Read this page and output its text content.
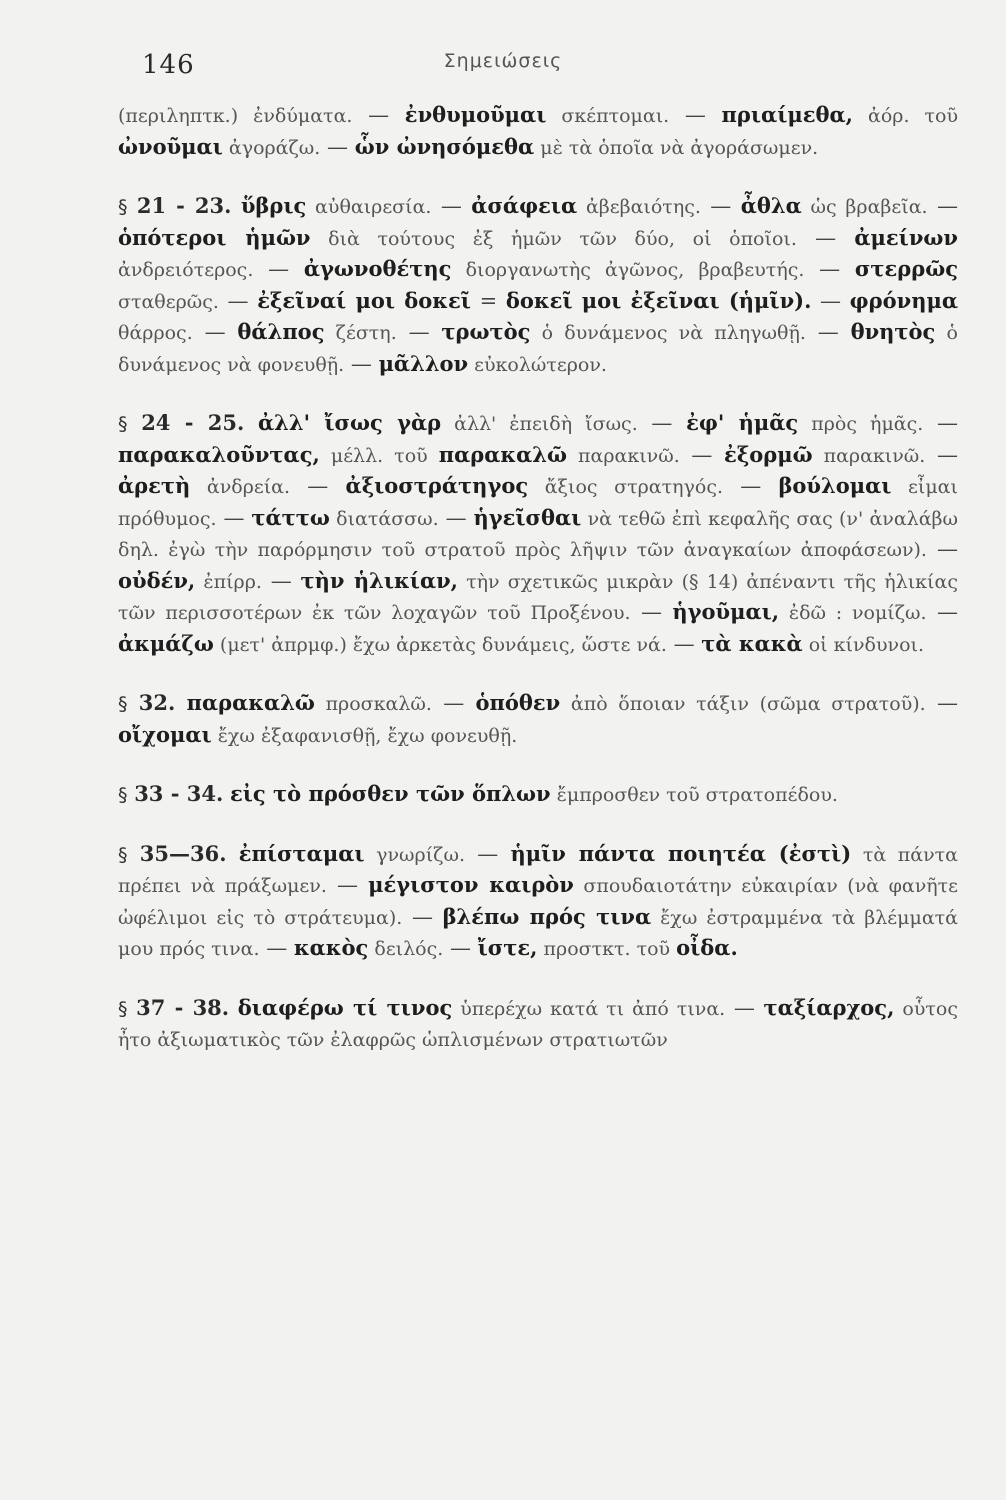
146	Σημειώσεις

(περιληπτκ.) ἐνδύματα. — ἐνθυμοῦμαι σκέπτομαι. — πριαίμεθα, ἀόρ. τοῦ ὠνοῦμαι ἀγοράζω. — ὧν ὠνησόμεθα μὲ τὰ ὁποῖα νὰ ἀγοράσωμεν.

§ 21 - 23. ὕβρις αὐθαιρεσία. — ἀσάφεια ἀβεβαιότης. — ἆθλα ὡς βραβεῖα. — ὁπότεροι ἡμῶν διὰ τούτους ἐξ ἡμῶν τῶν δύο, οἱ ὁποῖοι. — ἀμείνων ἀνδρειότερος. — ἀγωνοθέτης διοργανωτὴς ἀγῶνος, βραβευτής. — στερρῶς σταθερῶς. — ἐξεῖναί μοι δοκεῖ = δοκεῖ μοι ἐξεῖναι (ἡμῖν). — φρόνημα θάρρος. — θάλπος ζέστη. — τρωτὸς ὁ δυνάμενος νὰ πληγωθῇ. — θνητὸς ὁ δυνάμενος νὰ φονευθῇ. — μᾶλλον εὐκολώτερον.

§ 24 - 25. ἀλλ' ἴσως γὰρ ἀλλ' ἐπειδὴ ἴσως. — ἐφ' ἡμᾶς πρὸς ἡμᾶς. — παρακαλοῦντας, μέλλ. τοῦ παρακαλῶ παρακινῶ. — ἐξορμῶ παρακινῶ. — ἀρετὴ ἀνδρεία. — ἀξιοστράτηγος ἄξιος στρατηγός. — βούλομαι εἶμαι πρόθυμος. — τάττω διατάσσω. — ἡγεῖσθαι νὰ τεθῶ ἐπὶ κεφαλῆς σας (ν' ἀναλάβω δηλ. ἐγὼ τὴν παρόρμησιν τοῦ στρατοῦ πρὸς λῆψιν τῶν ἀναγκαίων ἀποφάσεων). — οὐδέν, ἐπίρρ. — τὴν ἡλικίαν, τὴν σχετικῶς μικρὰν (§ 14) ἀπέναντι τῆς ἡλικίας τῶν περισσοτέρων ἐκ τῶν λοχαγῶν τοῦ Προξένου. — ἡγοῦμαι, ἐδῶ : νομίζω. — ἀκμάζω (μετ' ἀπρμφ.) ἔχω ἀρκετὰς δυνάμεις, ὥστε νά. — τὰ κακὰ οἱ κίνδυνοι.

§ 32. παρακαλῶ προσκαλῶ. — ὁπόθεν ἀπὸ ὅποιαν τάξιν (σῶμα στρατοῦ). — οἴχομαι ἔχω ἐξαφανισθῇ, ἔχω φονευθῇ.

§ 33 - 34. εἰς τὸ πρόσθεν τῶν ὅπλων ἔμπροσθεν τοῦ στρατοπέδου.

§ 35—36. ἐπίσταμαι γνωρίζω. — ἡμῖν πάντα ποιητέα (ἐστὶ) τὰ πάντα πρέπει νὰ πράξωμεν. — μέγιστον καιρὸν σπουδαιοτάτην εὐκαιρίαν (νὰ φανῆτε ὠφέλιμοι εἰς τὸ στράτευμα). — βλέπω πρός τινα ἔχω ἐστραμμένα τὰ βλέμματά μου πρός τινα. — κακὸς δειλός. — ἴστε, προστκτ. τοῦ οἶδα.

§ 37 - 38. διαφέρω τί τινος ὑπερέχω κατά τι ἀπό τινα. — ταξίαρχος, οὗτος ἦτο ἀξιωματικὸς τῶν ἐλαφρῶς ὡπλισμένων στρατιωτῶν
